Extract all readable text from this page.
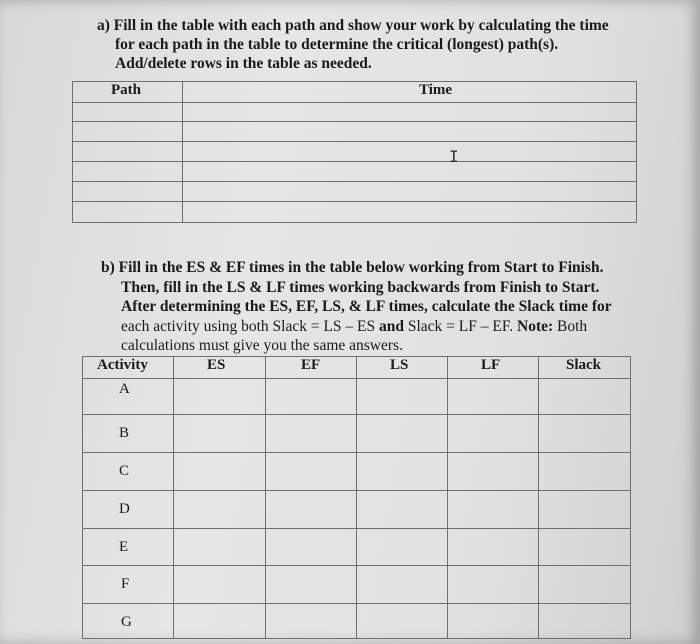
a) Fill in the table with each path and show your work by calculating the time
for each path in the table to determine the critical (longest) path(s).
Add/delete rows in the table as needed.
Path	Time

I
b) Fill in the ES & EF times in the table below working from Start to Finish.
Then, fill in the LS & LF times working backwards from Finish to Start.
After determining the ES, EF, LS, & LF times, calculate the Slack time for
each activity using both Slack = LS – ES and Slack = LF – EF. Note: Both
calculations must give you the same answers.
Activity	ES	EF	LS	LF	Slack
A					
B					
C					
D					
E					
F					
G					
